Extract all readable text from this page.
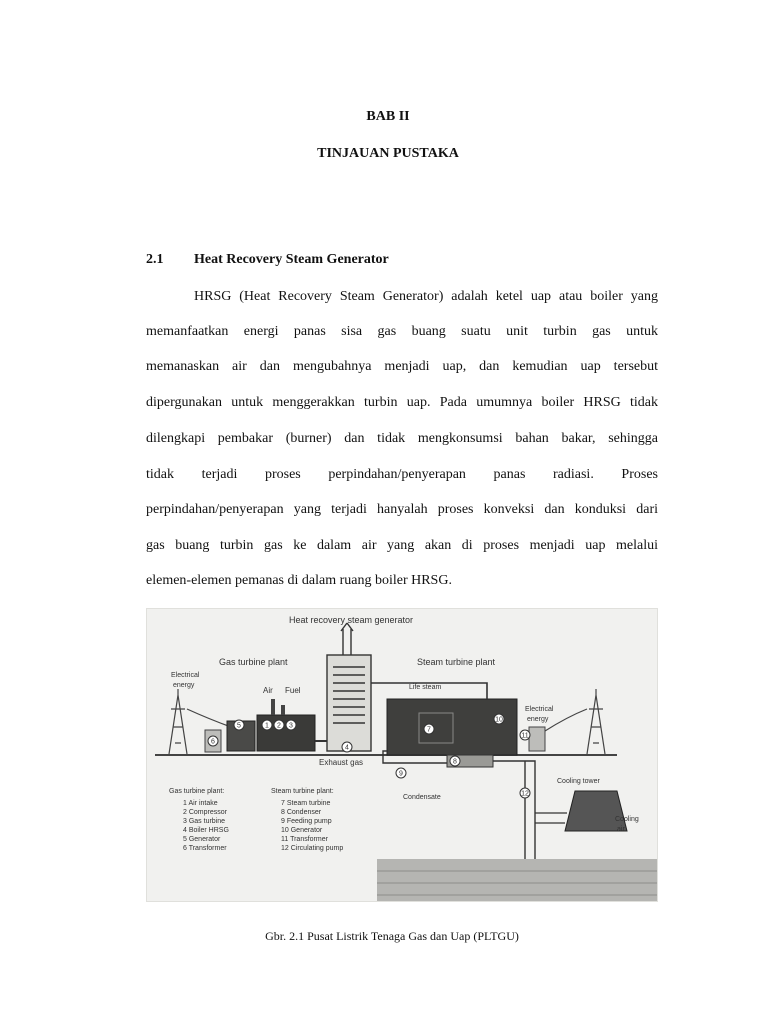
BAB II
TINJAUAN PUSTAKA
2.1 Heat Recovery Steam Generator
HRSG (Heat Recovery Steam Generator) adalah ketel uap atau boiler yang
memanfaatkan energi panas sisa gas buang suatu unit turbin gas untuk
memanaskan air dan mengubahnya menjadi uap, dan kemudian uap tersebut
dipergunakan untuk menggerakkan turbin uap. Pada umumnya boiler HRSG tidak
dilengkapi pembakar (burner) dan tidak mengkonsumsi bahan bakar, sehingga
tidak terjadi proses perpindahan/penyerapan panas radiasi. Proses
perpindahan/penyerapan yang terjadi hanyalah proses konveksi dan konduksi dari
gas buang turbin gas ke dalam air yang akan di proses menjadi uap melalui
elemen-elemen pemanas di dalam ruang boiler HRSG.
1 2 3
4
5
6
7
8
9
10
11
12
Heat recovery steam generator
Gas turbine plant	Steam turbine plant
Electrical
energy
Electrical
energy
Air Fuel	Life steam
Exhaust gas
Condensate
Cooling tower
Cooling
air
Gas turbine plant:
1 Air intake
2 Compressor
3 Gas turbine
4 Boiler HRSG
5 Generator
6 Transformer
Steam turbine plant:
7 Steam turbine
8 Condenser
9 Feeding pump
10 Generator
11 Transformer
12 Circulating pump
Gbr. 2.1 Pusat Listrik Tenaga Gas dan Uap (PLTGU)
